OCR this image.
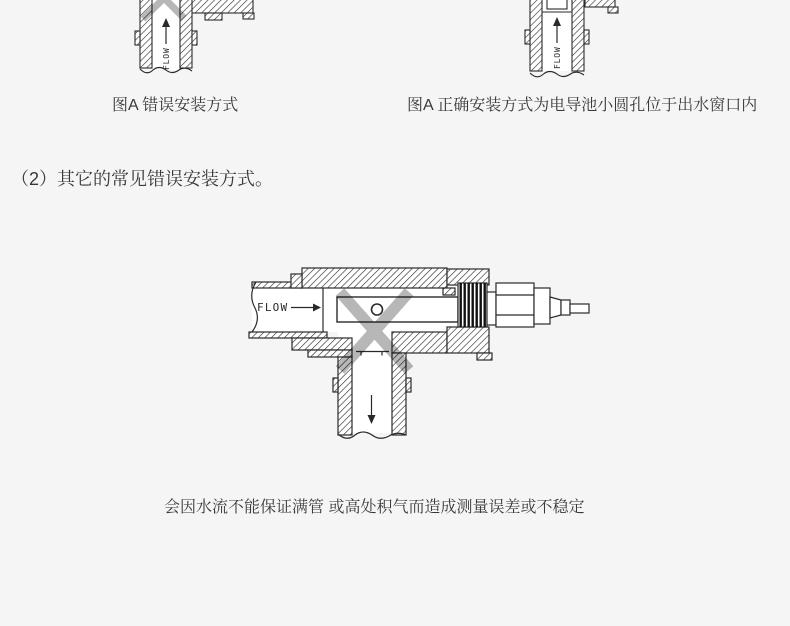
FLOW	FLOW
图A 错误安装方式	图A 正确安装方式为电导池小圆孔位于出水窗口内
（2）其它的常见错误安装方式。
FLOW
会因水流不能保证满管 或高处积气而造成测量误差或不稳定
